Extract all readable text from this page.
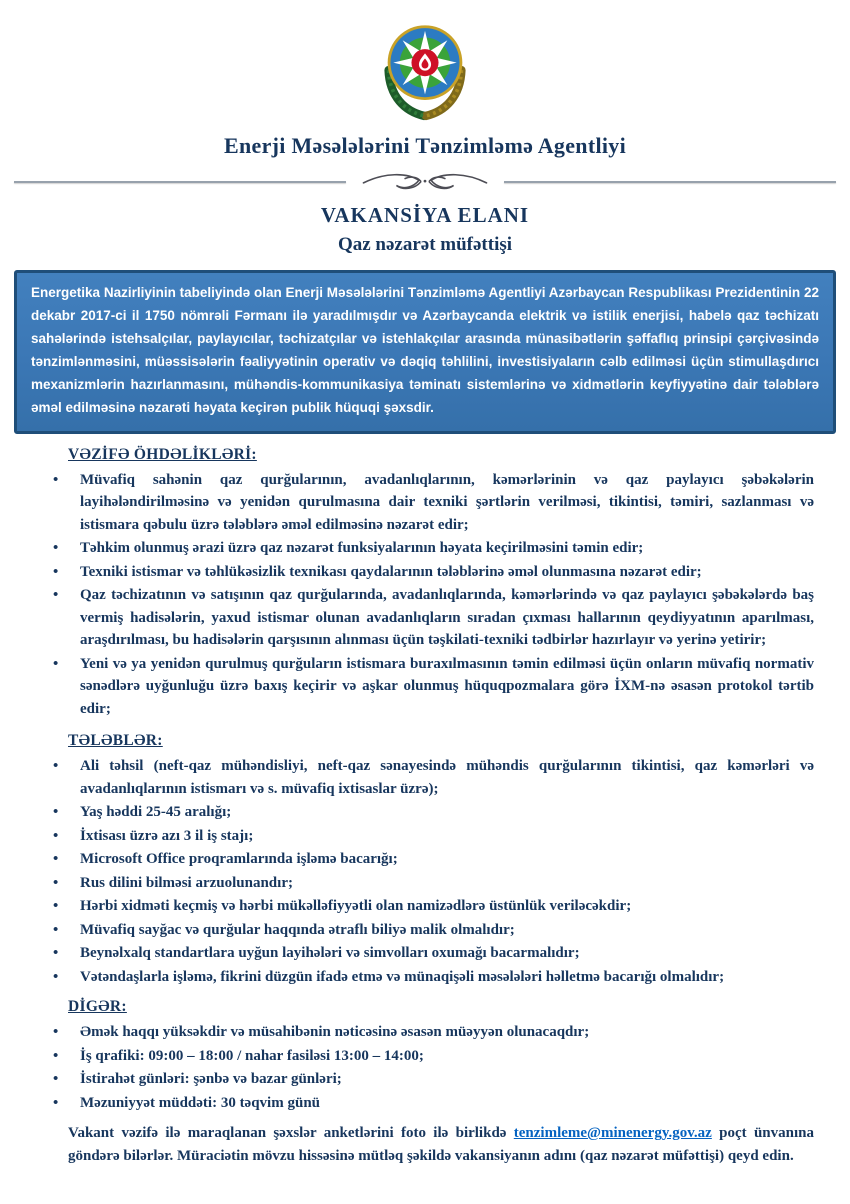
Enerji Məsələlərini Tənzimləmə Agentliyi
VAKANSİYA ELANI
Qaz nəzarət müfəttişi

Energetika Nazirliyinin tabeliyində olan Enerji Məsələlərini Tənzimləmə Agentliyi Azərbaycan Respublikası Prezidentinin 22 dekabr 2017-ci il 1750 nömrəli Fərmanı ilə yaradılmışdır və Azərbaycanda elektrik və istilik enerjisi, habelə qaz təchizatı sahələrində istehsalçılar, paylayıcılar, təchizatçılar və istehlakçılar arasında münasibətlərin şəffaflıq prinsipi çərçivəsində tənzimlənməsini, müəssisələrin fəaliyyətinin operativ və dəqiq təhlilini, investisiyaların cəlb edilməsi üçün stimullaşdırıcı mexanizmlərin hazırlanmasını, mühəndis-kommunikasiya təminatı sistemlərinə və xidmətlərin keyfiyyətinə dair tələblərə əməl edilməsinə nəzarəti həyata keçirən publik hüquqi şəxsdir.

VƏZİFƏ ÖHDƏLİKLƏRİ:
• Müvafiq sahənin qaz qurğularının, avadanlıqlarının, kəmərlərinin və qaz paylayıcı şəbəkələrin layihələndirilməsinə və yenidən qurulmasına dair texniki şərtlərin verilməsi, tikintisi, təmiri, sazlanması və istismara qəbulu üzrə tələblərə əməl edilməsinə nəzarət edir;
• Təhkim olunmuş ərazi üzrə qaz nəzarət funksiyalarının həyata keçirilməsini təmin edir;
• Texniki istismar və təhlükəsizlik texnikası qaydalarının tələblərinə əməl olunmasına nəzarət edir;
• Qaz təchizatının və satışının qaz qurğularında, avadanlıqlarında, kəmərlərində və qaz paylayıcı şəbəkələrdə baş vermiş hadisələrin, yaxud istismar olunan avadanlıqların sıradan çıxması hallarının qeydiyyatının aparılması, araşdırılması, bu hadisələrin qarşısının alınması üçün təşkilati-texniki tədbirlər hazırlayır və yerinə yetirir;
• Yeni və ya yenidən qurulmuş qurğuların istismara buraxılmasının təmin edilməsi üçün onların müvafiq normativ sənədlərə uyğunluğu üzrə baxış keçirir və aşkar olunmuş hüquqpozmalara görə İXM-nə əsasən protokol tərtib edir;
TƏLƏBLƏR:
• Ali təhsil (neft-qaz mühəndisliyi, neft-qaz sənayesində mühəndis qurğularının tikintisi, qaz kəmərləri və avadanlıqlarının istismarı və s. müvafiq ixtisaslar üzrə);
• Yaş həddi 25-45 aralığı;
• İxtisası üzrə azı 3 il iş stajı;
• Microsoft Office proqramlarında işləmə bacarığı;
• Rus dilini bilməsi arzuolunandır;
• Hərbi xidməti keçmiş və hərbi mükəlləfiyyətli olan namizədlərə üstünlük veriləcəkdir;
• Müvafiq sayğac və qurğular haqqında ətraflı biliyə malik olmalıdır;
• Beynəlxalq standartlara uyğun layihələri və simvolları oxumağı bacarmalıdır;
• Vətəndaşlarla işləmə, fikrini düzgün ifadə etmə və münaqişəli məsələləri həlletmə bacarığı olmalıdır;
DİGƏR:
• Əmək haqqı yüksəkdir və müsahibənin nəticəsinə əsasən müəyyən olunacaqdır;
• İş qrafiki: 09:00 – 18:00 / nahar fasiləsi 13:00 – 14:00;
• İstirahət günləri: şənbə və bazar günləri;
• Məzuniyyət müddəti: 30 təqvim günü

Vakant vəzifə ilə maraqlanan şəxslər anketlərini foto ilə birlikdə tenzimleme@minenergy.gov.az poçt ünvanına göndərə bilərlər. Müraciətin mövzu hissəsinə mütləq şəkildə vakansiyanın adını (qaz nəzarət müfəttişi) qeyd edin.
